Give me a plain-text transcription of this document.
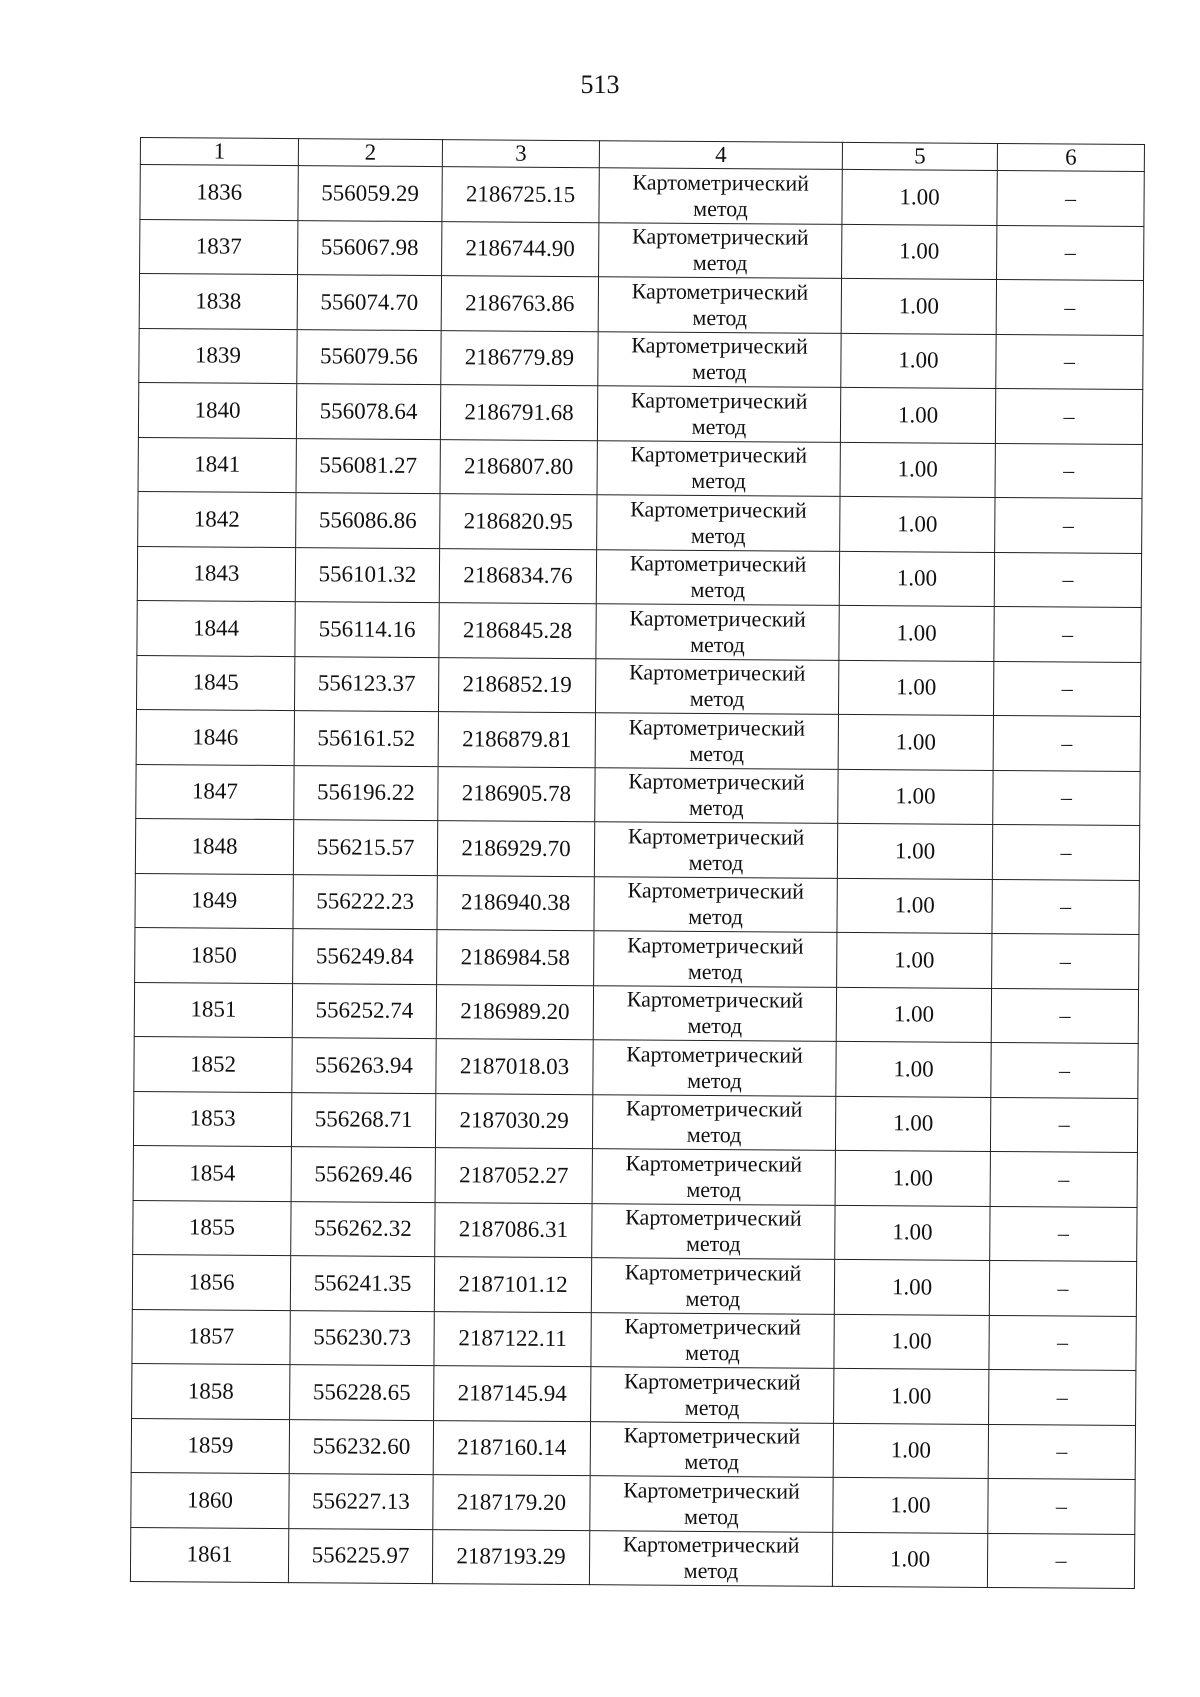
513
1	2	3	4	5	6
1836	556059.29	2186725.15	Картометрический
метод	1.00	–
1837	556067.98	2186744.90	Картометрический
метод	1.00	–
1838	556074.70	2186763.86	Картометрический
метод	1.00	–
1839	556079.56	2186779.89	Картометрический
метод	1.00	–
1840	556078.64	2186791.68	Картометрический
метод	1.00	–
1841	556081.27	2186807.80	Картометрический
метод	1.00	–
1842	556086.86	2186820.95	Картометрический
метод	1.00	–
1843	556101.32	2186834.76	Картометрический
метод	1.00	–
1844	556114.16	2186845.28	Картометрический
метод	1.00	–
1845	556123.37	2186852.19	Картометрический
метод	1.00	–
1846	556161.52	2186879.81	Картометрический
метод	1.00	–
1847	556196.22	2186905.78	Картометрический
метод	1.00	–
1848	556215.57	2186929.70	Картометрический
метод	1.00	–
1849	556222.23	2186940.38	Картометрический
метод	1.00	–
1850	556249.84	2186984.58	Картометрический
метод	1.00	–
1851	556252.74	2186989.20	Картометрический
метод	1.00	–
1852	556263.94	2187018.03	Картометрический
метод	1.00	–
1853	556268.71	2187030.29	Картометрический
метод	1.00	–
1854	556269.46	2187052.27	Картометрический
метод	1.00	–
1855	556262.32	2187086.31	Картометрический
метод	1.00	–
1856	556241.35	2187101.12	Картометрический
метод	1.00	–
1857	556230.73	2187122.11	Картометрический
метод	1.00	–
1858	556228.65	2187145.94	Картометрический
метод	1.00	–
1859	556232.60	2187160.14	Картометрический
метод	1.00	–
1860	556227.13	2187179.20	Картометрический
метод	1.00	–
1861	556225.97	2187193.29	Картометрический
метод	1.00	–
